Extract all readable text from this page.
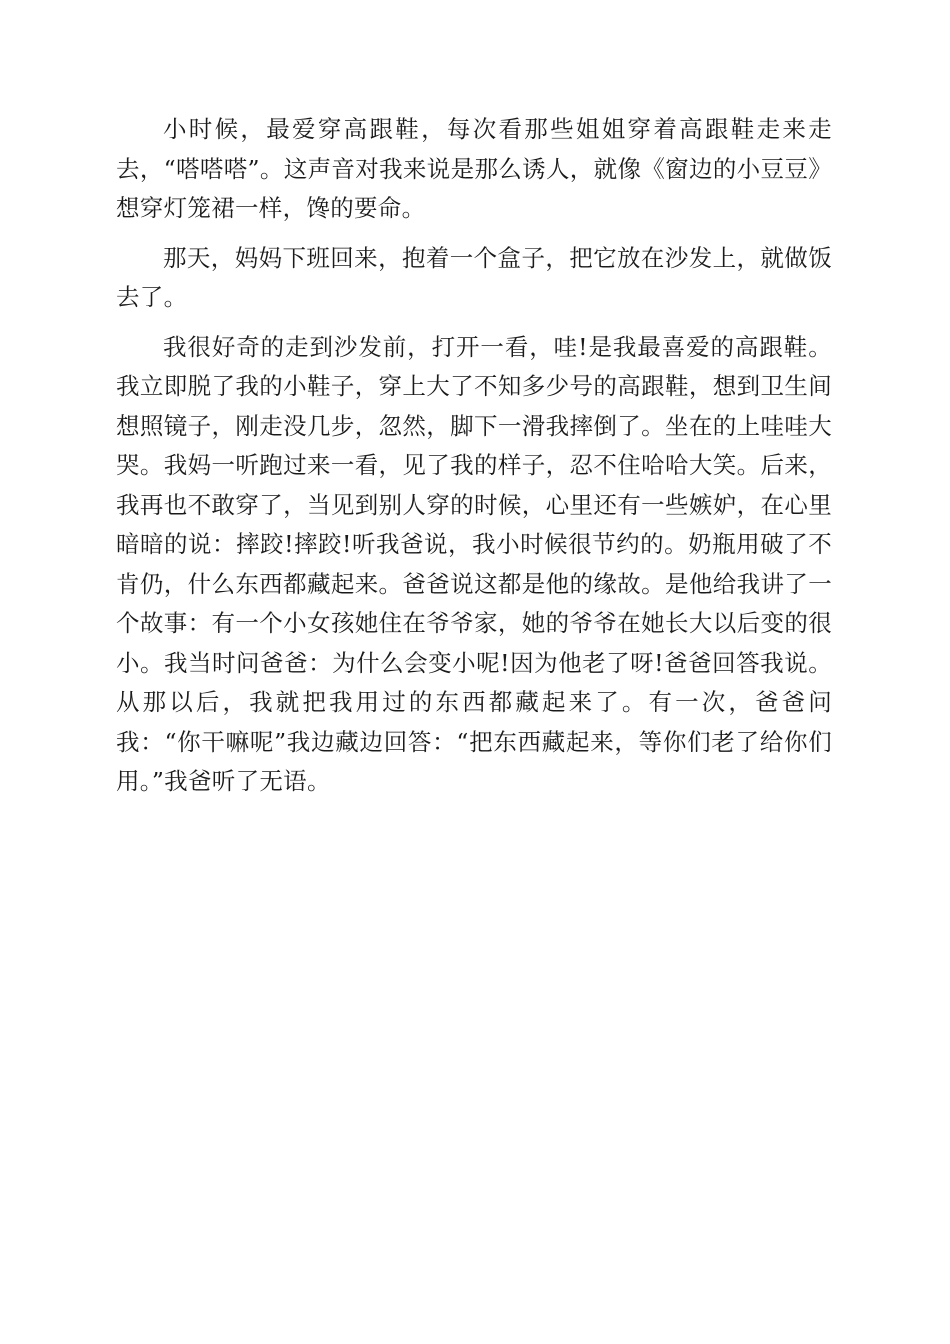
小时候，最爱穿高跟鞋，每次看那些姐姐穿着高跟鞋走来走去，“嗒嗒嗒”。这声音对我来说是那么诱人，就像《窗边的小豆豆》想穿灯笼裙一样，馋的要命。

那天，妈妈下班回来，抱着一个盒子，把它放在沙发上，就做饭去了。

我很好奇的走到沙发前，打开一看，哇!是我最喜爱的高跟鞋。我立即脱了我的小鞋子，穿上大了不知多少号的高跟鞋，想到卫生间想照镜子，刚走没几步，忽然，脚下一滑我摔倒了。坐在的上哇哇大哭。我妈一听跑过来一看，见了我的样子，忍不住哈哈大笑。后来，我再也不敢穿了，当见到别人穿的时候，心里还有一些嫉妒，在心里暗暗的说：摔跤!摔跤!听我爸说，我小时候很节约的。奶瓶用破了不肯仍，什么东西都藏起来。爸爸说这都是他的缘故。是他给我讲了一个故事：有一个小女孩她住在爷爷家，她的爷爷在她长大以后变的很小。我当时问爸爸：为什么会变小呢!因为他老了呀!爸爸回答我说。从那以后，我就把我用过的东西都藏起来了。有一次，爸爸问我：“你干嘛呢”我边藏边回答：“把东西藏起来，等你们老了给你们用。”我爸听了无语。
